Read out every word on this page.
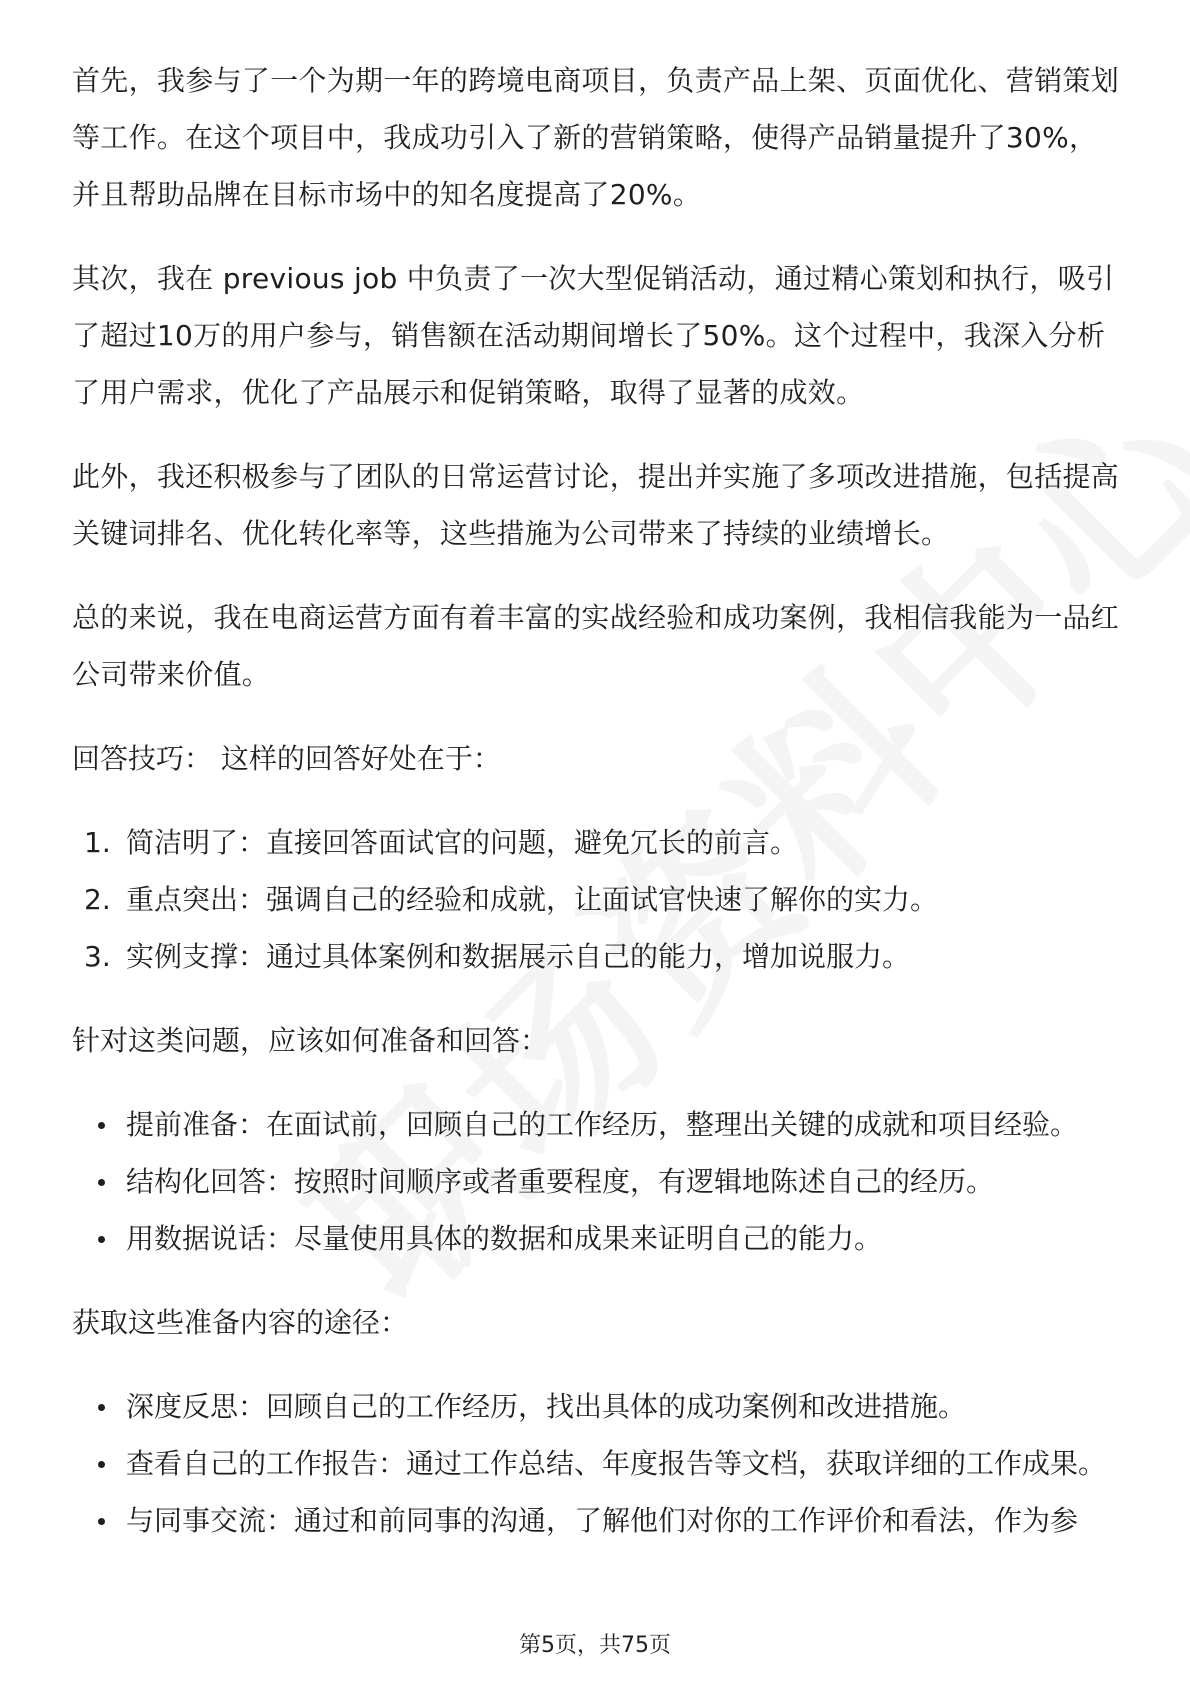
首先，我参与了一个为期一年的跨境电商项目，负责产品上架、页面优化、营销策划等工作。在这个项目中，我成功引入了新的营销策略，使得产品销量提升了30%，并且帮助品牌在目标市场中的知名度提高了20%。

其次，我在 previous job 中负责了一次大型促销活动，通过精心策划和执行，吸引了超过10万的用户参与，销售额在活动期间增长了50%。这个过程中，我深入分析了用户需求，优化了产品展示和促销策略，取得了显著的成效。

此外，我还积极参与了团队的日常运营讨论，提出并实施了多项改进措施，包括提高关键词排名、优化转化率等，这些措施为公司带来了持续的业绩增长。

总的来说，我在电商运营方面有着丰富的实战经验和成功案例，我相信我能为一品红公司带来价值。

回答技巧： 这样的回答好处在于：

1. 简洁明了：直接回答面试官的问题，避免冗长的前言。
2. 重点突出：强调自己的经验和成就，让面试官快速了解你的实力。
3. 实例支撑：通过具体案例和数据展示自己的能力，增加说服力。

针对这类问题，应该如何准备和回答：

提前准备：在面试前，回顾自己的工作经历，整理出关键的成就和项目经验。
结构化回答：按照时间顺序或者重要程度，有逻辑地陈述自己的经历。
用数据说话：尽量使用具体的数据和成果来证明自己的能力。

获取这些准备内容的途径：

深度反思：回顾自己的工作经历，找出具体的成功案例和改进措施。
查看自己的工作报告：通过工作总结、年度报告等文档，获取详细的工作成果。
与同事交流：通过和前同事的沟通，了解他们对你的工作评价和看法，作为参
第5页，共75页
